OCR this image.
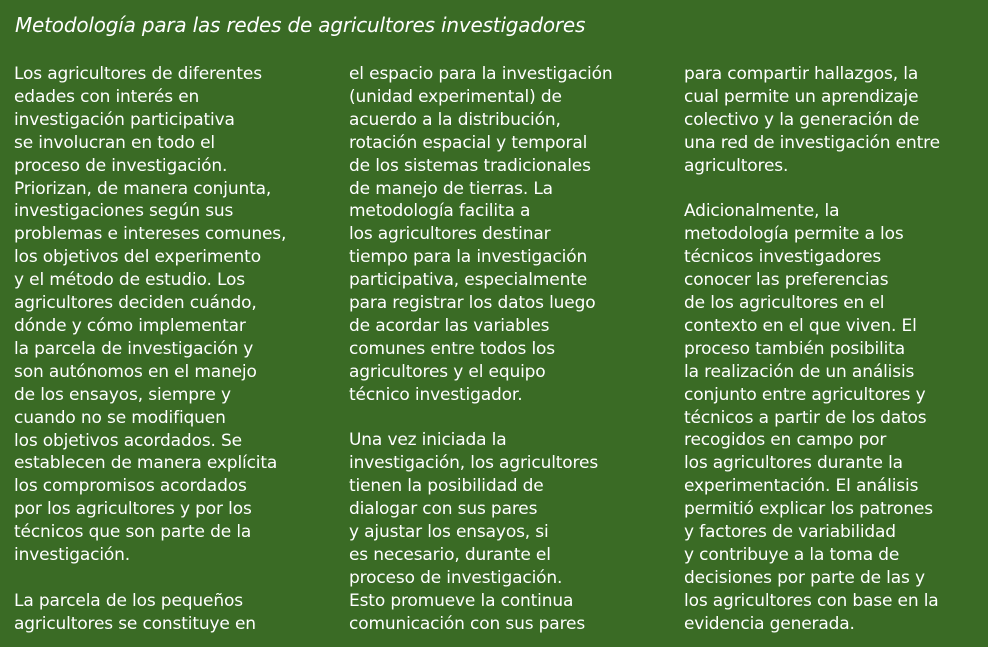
Metodología para las redes de agricultores investigadores

Los agricultores de diferentes
edades con interés en
investigación participativa
se involucran en todo el
proceso de investigación.
Priorizan, de manera conjunta,
investigaciones según sus
problemas e intereses comunes,
los objetivos del experimento
y el método de estudio. Los
agricultores deciden cuándo,
dónde y cómo implementar
la parcela de investigación y
son autónomos en el manejo
de los ensayos, siempre y
cuando no se modifiquen
los objetivos acordados. Se
establecen de manera explícita
los compromisos acordados
por los agricultores y por los
técnicos que son parte de la
investigación.

La parcela de los pequeños
agricultores se constituye en

el espacio para la investigación
(unidad experimental) de
acuerdo a la distribución,
rotación espacial y temporal
de los sistemas tradicionales
de manejo de tierras. La
metodología facilita a
los agricultores destinar
tiempo para la investigación
participativa, especialmente
para registrar los datos luego
de acordar las variables
comunes entre todos los
agricultores y el equipo
técnico investigador.

Una vez iniciada la
investigación, los agricultores
tienen la posibilidad de
dialogar con sus pares
y ajustar los ensayos, si
es necesario, durante el
proceso de investigación.
Esto promueve la continua
comunicación con sus pares

para compartir hallazgos, la
cual permite un aprendizaje
colectivo y la generación de
una red de investigación entre
agricultores.

Adicionalmente, la
metodología permite a los
técnicos investigadores
conocer las preferencias
de los agricultores en el
contexto en el que viven. El
proceso también posibilita
la realización de un análisis
conjunto entre agricultores y
técnicos a partir de los datos
recogidos en campo por
los agricultores durante la
experimentación. El análisis
permitió explicar los patrones
y factores de variabilidad
y contribuye a la toma de
decisiones por parte de las y
los agricultores con base en la
evidencia generada.
